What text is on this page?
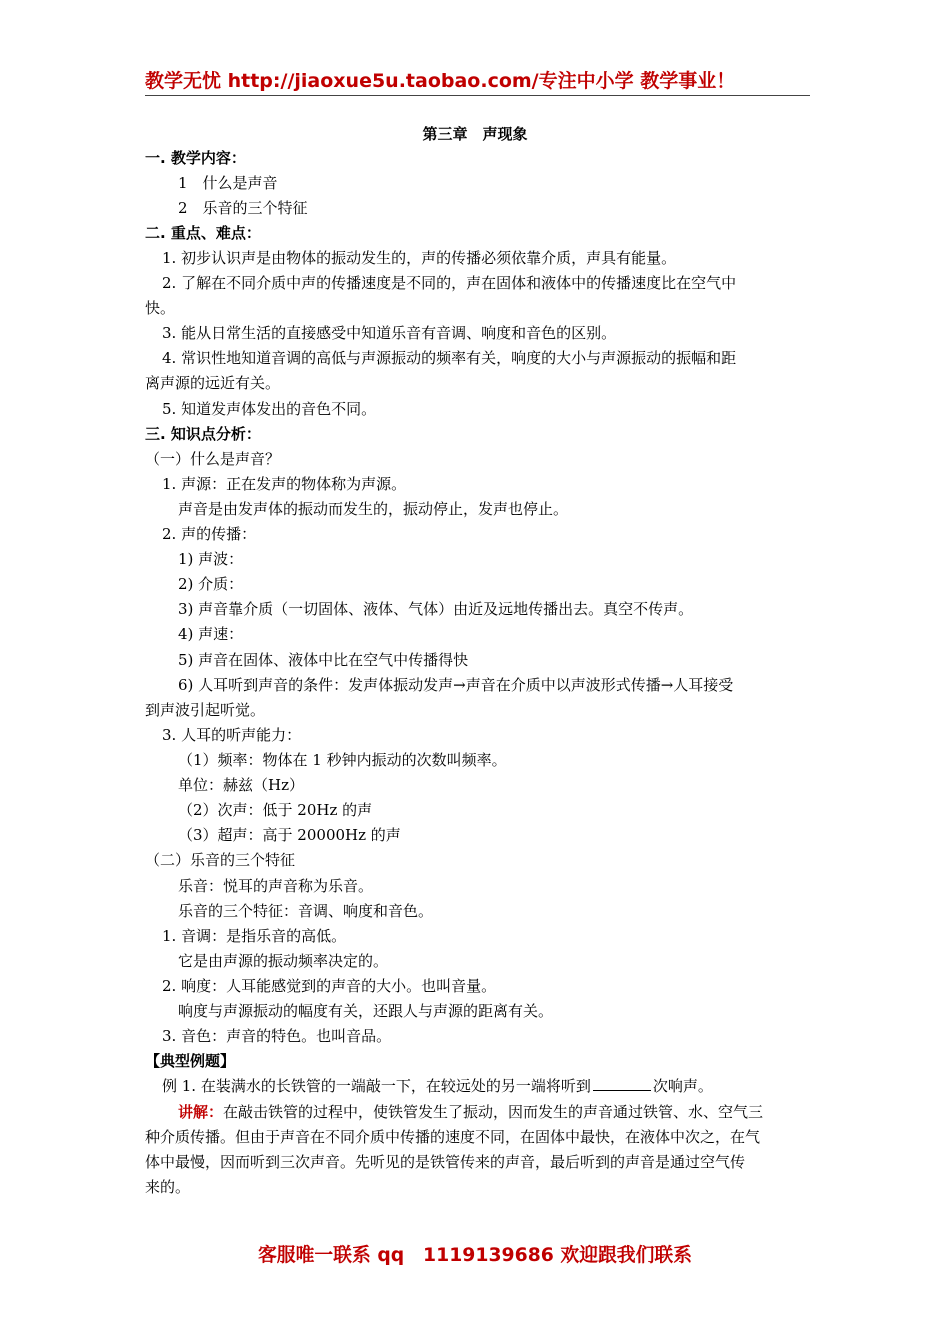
教学无忧 http://jiaoxue5u.taobao.com/专注中小学 教学事业！
第三章　声现象
一. 教学内容：
1　什么是声音
2　乐音的三个特征
二. 重点、难点：
1. 初步认识声是由物体的振动发生的，声的传播必须依靠介质，声具有能量。
2. 了解在不同介质中声的传播速度是不同的，声在固体和液体中的传播速度比在空气中
快。
3. 能从日常生活的直接感受中知道乐音有音调、响度和音色的区别。
4. 常识性地知道音调的高低与声源振动的频率有关，响度的大小与声源振动的振幅和距
离声源的远近有关。
5. 知道发声体发出的音色不同。
三. 知识点分析：
（一）什么是声音？
1. 声源：正在发声的物体称为声源。
声音是由发声体的振动而发生的，振动停止，发声也停止。
2. 声的传播：
1) 声波：
2) 介质：
3) 声音靠介质（一切固体、液体、气体）由近及远地传播出去。真空不传声。
4) 声速：
5) 声音在固体、液体中比在空气中传播得快
6) 人耳听到声音的条件：发声体振动发声→声音在介质中以声波形式传播→人耳接受
到声波引起听觉。
3. 人耳的听声能力：
（1）频率：物体在 1 秒钟内振动的次数叫频率。
单位：赫兹（Hz）
（2）次声：低于 20Hz 的声
（3）超声：高于 20000Hz 的声
（二）乐音的三个特征
乐音：悦耳的声音称为乐音。
乐音的三个特征：音调、响度和音色。
1. 音调：是指乐音的高低。
它是由声源的振动频率决定的。
2. 响度：人耳能感觉到的声音的大小。也叫音量。
响度与声源振动的幅度有关，还跟人与声源的距离有关。
3. 音色：声音的特色。也叫音品。
【典型例题】
例 1. 在装满水的长铁管的一端敲一下，在较远处的另一端将听到	次响声。
讲解：在敲击铁管的过程中，使铁管发生了振动，因而发生的声音通过铁管、水、空气三
种介质传播。但由于声音在不同介质中传播的速度不同，在固体中最快，在液体中次之，在气
体中最慢，因而听到三次声音。先听见的是铁管传来的声音，最后听到的声音是通过空气传
来的。
客服唯一联系 qq　1119139686 欢迎跟我们联系
